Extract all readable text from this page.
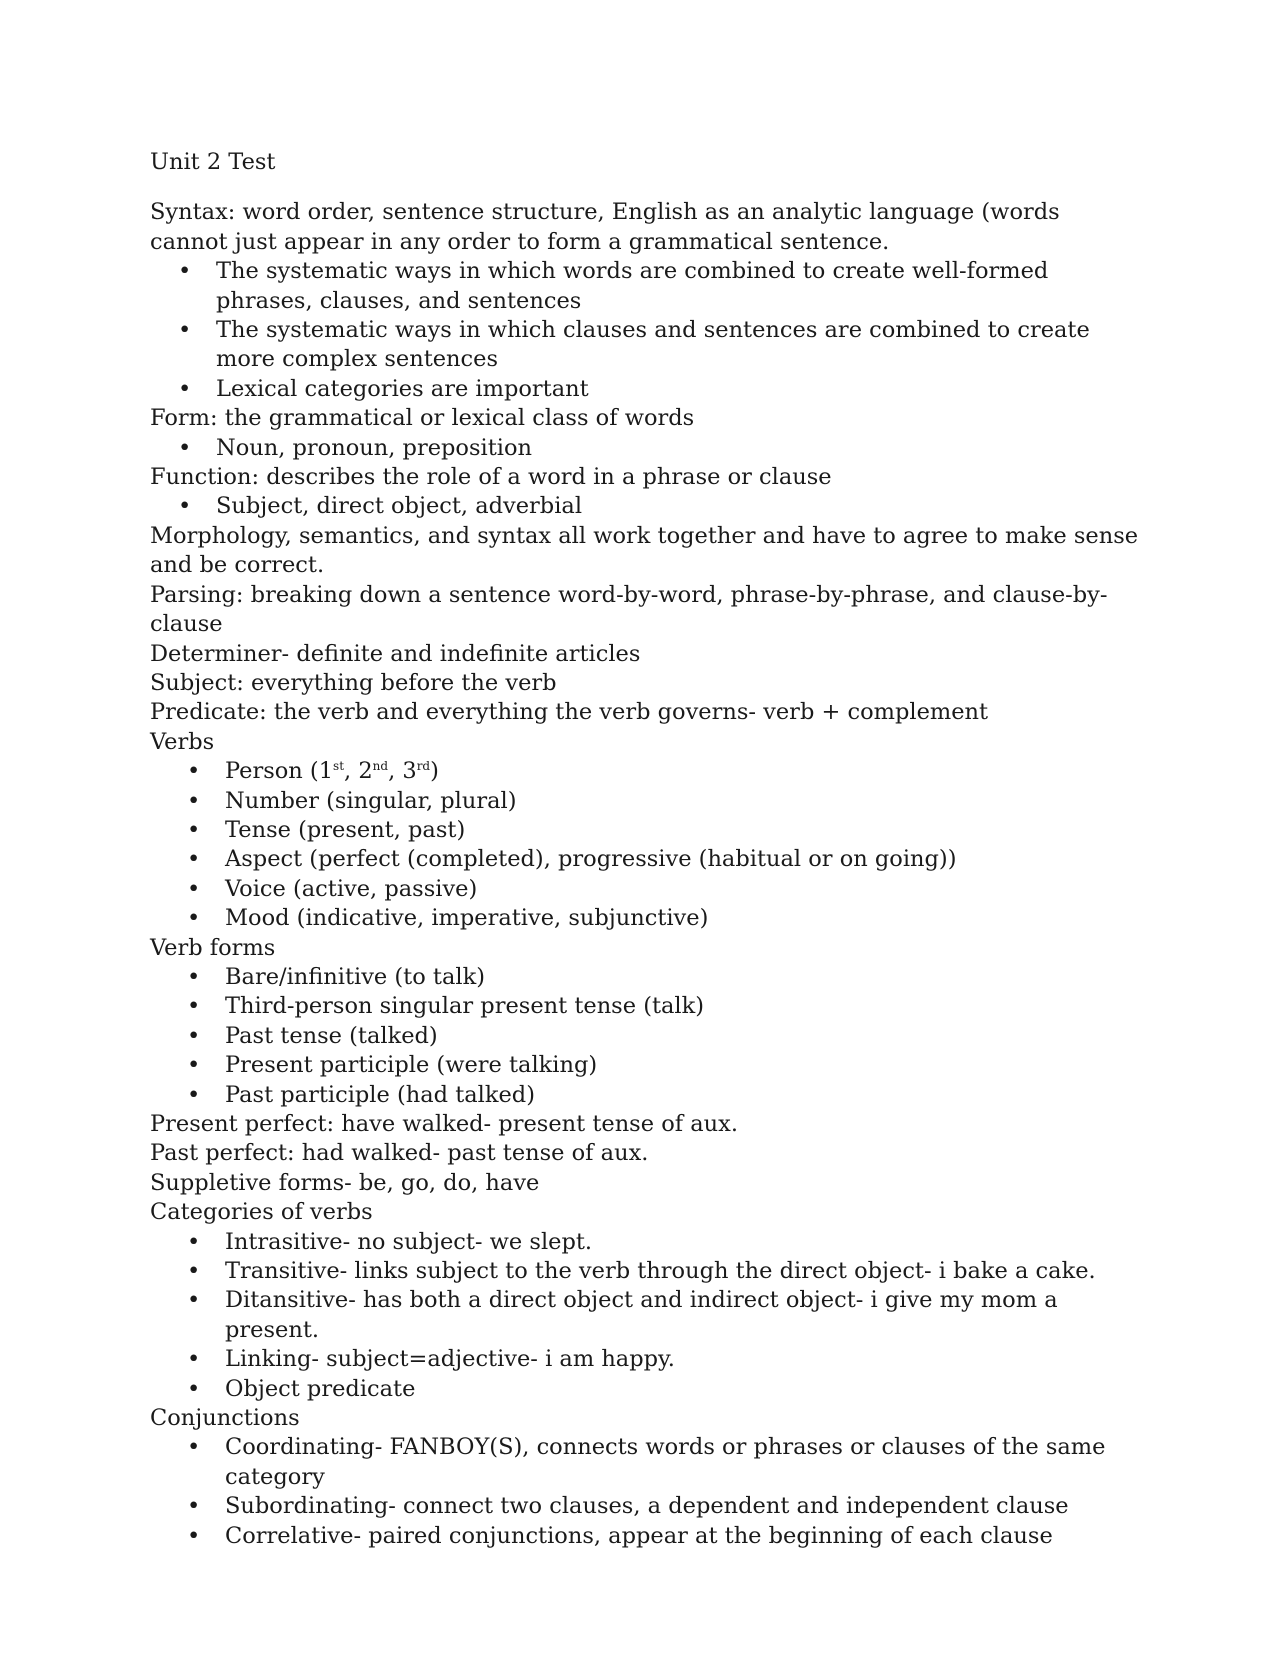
Unit 2 Test

Syntax: word order, sentence structure, English as an analytic language (words cannot just appear in any order to form a grammatical sentence.

• The systematic ways in which words are combined to create well-formed phrases, clauses, and sentences
• The systematic ways in which clauses and sentences are combined to create more complex sentences
• Lexical categories are important

Form: the grammatical or lexical class of words

• Noun, pronoun, preposition

Function: describes the role of a word in a phrase or clause

• Subject, direct object, adverbial

Morphology, semantics, and syntax all work together and have to agree to make sense and be correct.

Parsing: breaking down a sentence word-by-word, phrase-by-phrase, and clause-by-clause

Determiner- definite and indefinite articles

Subject: everything before the verb

Predicate: the verb and everything the verb governs- verb + complement

Verbs

• Person (1st, 2nd, 3rd)
• Number (singular, plural)
• Tense (present, past)
• Aspect (perfect (completed), progressive (habitual or on going))
• Voice (active, passive)
• Mood (indicative, imperative, subjunctive)

Verb forms

• Bare/infinitive (to talk)
• Third-person singular present tense (talk)
• Past tense (talked)
• Present participle (were talking)
• Past participle (had talked)

Present perfect: have walked- present tense of aux.

Past perfect: had walked- past tense of aux.

Suppletive forms- be, go, do, have

Categories of verbs

• Intrasitive- no subject- we slept.
• Transitive- links subject to the verb through the direct object- i bake a cake.
• Ditansitive- has both a direct object and indirect object- i give my mom a present.
• Linking- subject=adjective- i am happy.
• Object predicate

Conjunctions

• Coordinating- FANBOY(S), connects words or phrases or clauses of the same category
• Subordinating- connect two clauses, a dependent and independent clause
• Correlative- paired conjunctions, appear at the beginning of each clause
